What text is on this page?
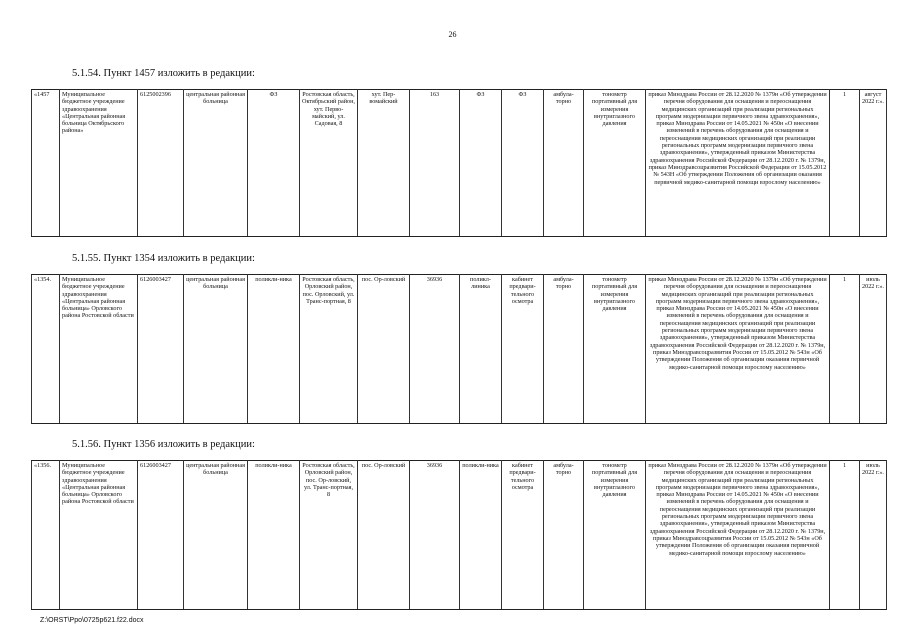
26
5.1.54. Пункт 1457 изложить в редакции:
«1457	Муниципальное бюджетное учреждение здравоохранения «Центральная районная больница Октябрьского района»	6125002396	центральная районная больница	ФЗ	Ростовская область, Октябрьский район, хут. Перво-майский, ул. Садовая, 8	хут. Пер-вомайский	163	ФЗ	ФЗ	амбула-торно	тонометр портативный для измерения внутриглазного давления	приказ Минздрава России от 28.12.2020 № 1379н «Об утверждении перечня оборудования для оснащения и переоснащения медицинских организаций при реализации региональных программ модернизации первичного звена здравоохранения», приказ Минздрава России от 14.05.2021 № 450н «О внесении изменений в перечень оборудования для оснащения и переоснащения медицинских организаций при реализации региональных программ модернизации первичного звена здравоохранения», утвержденный приказом Министерства здравоохранения Российской Федерации от 28.12.2020 г. № 1379н, приказ Минздравсоцразвития Российской Федерации от 15.05.2012 № 543Н «Об утверждении Положения об организации оказания первичной медико-санитарной помощи взрослому населению»	1	август 2022 г.».
5.1.55. Пункт 1354 изложить в редакции:
«1354.	Муниципальное бюджетное учреждение здравоохранения «Центральная районная больница» Орловского района Ростовской области	6126003427	центральная районная больница	поликли-ника	Ростовская область, Орловский район, пос. Орловский, ул. Транс-портная, 8	пос. Ор-ловский	36936	поликл-линика	кабинет предвари-тельного осмотра	амбула-торно	тонометр портативный для измерения внутриглазного давления	приказ Минздрава России от 28.12.2020 № 1379н «Об утверждении перечня оборудования для оснащения и переоснащения медицинских организаций при реализации региональных программ модернизации первичного звена здравоохранения», приказ Минздрава России от 14.05.2021 № 450н «О внесении изменений в перечень оборудования для оснащения и переоснащения медицинских организаций при реализации региональных программ модернизации первичного звена здравоохранения», утвержденный приказом Министерства здравоохранения Российской Федерации от 28.12.2020 г. № 1379н, приказ Минздравсоцразвития России от 15.05.2012 № 543н «Об утверждении Положения об организации оказания первичной медико-санитарной помощи взрослому населению»	1	июль 2022 г.».
5.1.56. Пункт 1356 изложить в редакции:
«1356.	Муниципальное бюджетное учреждение здравоохранения «Центральная районная больница» Орловского района Ростовской области	6126003427	центральная районная больница	поликли-ника	Ростовская область, Орловский район, пос. Ор-ловский, ул. Транс-портная, 8	пос. Ор-ловский	36936	поликли-ника	кабинет предвари-тельного осмотра	амбула-торно	тонометр портативный для измерения внутриглазного давления	приказ Минздрава России от 28.12.2020 № 1379н «Об утверждении перечня оборудования для оснащения и переоснащения медицинских организаций при реализации региональных программ модернизации первичного звена здравоохранения», приказ Минздрава России от 14.05.2021 № 450н «О внесении изменений в перечень оборудования для оснащения и переоснащения медицинских организаций при реализации региональных программ модернизации первичного звена здравоохранения», утвержденный приказом Министерства здравоохранения Российской Федерации от 28.12.2020 г. № 1379н, приказ Минздравсоцразвития России от 15.05.2012 № 543н «Об утверждении Положения об организации оказания первичной медико-санитарной помощи взрослому населению»	1	июль 2022 г.».
Z:\ORST\Ppo\0725p621.f22.docx
